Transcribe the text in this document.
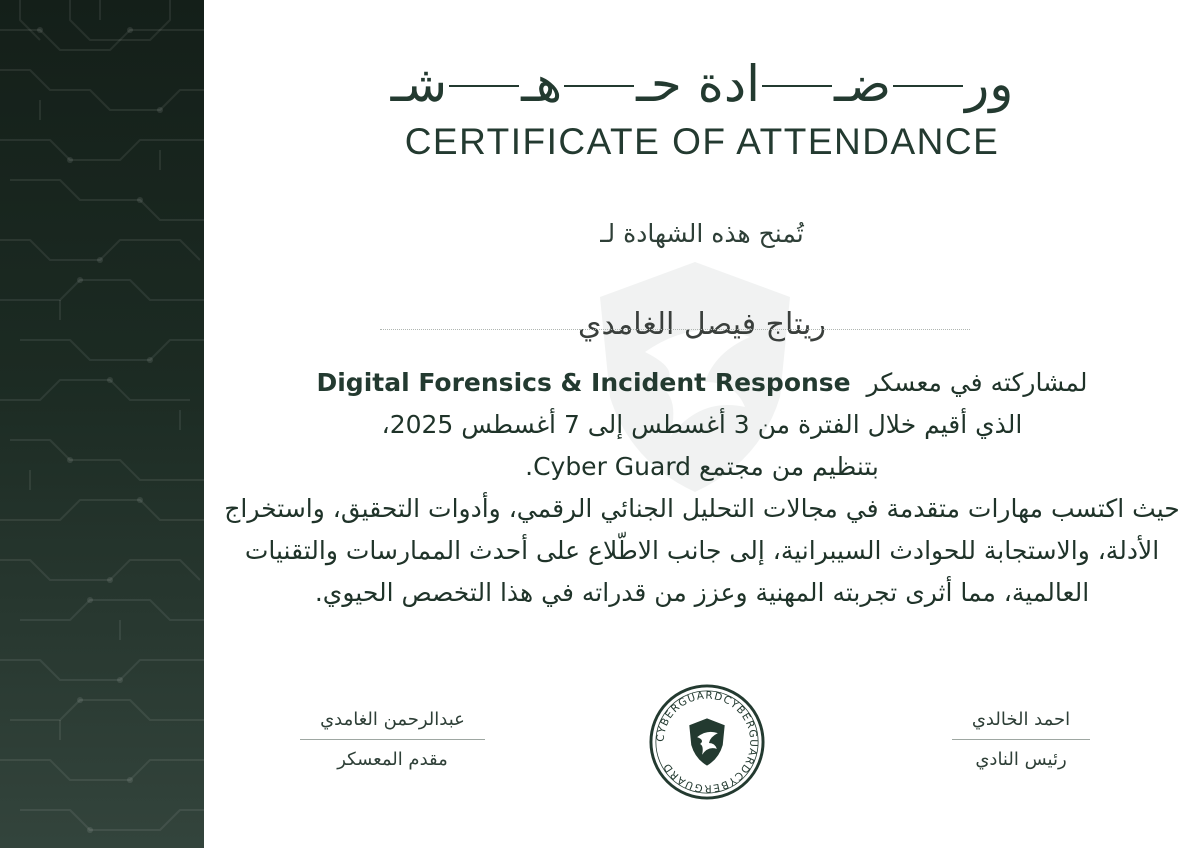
ورضـادة حـهـشـ
CERTIFICATE OF ATTENDANCE
تُمنح هذه الشهادة لـ
ريتاج فيصل الغامدي

لمشاركته في معسكر  Digital Forensics & Incident Response

الذي أقيم خلال الفترة من 3 أغسطس إلى 7 أغسطس 2025،

بتنظيم من مجتمع Cyber Guard.

حيث اكتسب مهارات متقدمة في مجالات التحليل الجنائي الرقمي، وأدوات التحقيق، واستخراج الأدلة، والاستجابة للحوادث السيبرانية، إلى جانب الاطّلاع على أحدث الممارسات والتقنيات العالمية، مما أثرى تجربته المهنية وعزز من قدراته في هذا التخصص الحيوي.

عبدالرحمن الغامدي
مقدم المعسكر
احمد الخالدي
رئيس النادي
CYBERGUARDCYBERGUARDCYBERGUARD
